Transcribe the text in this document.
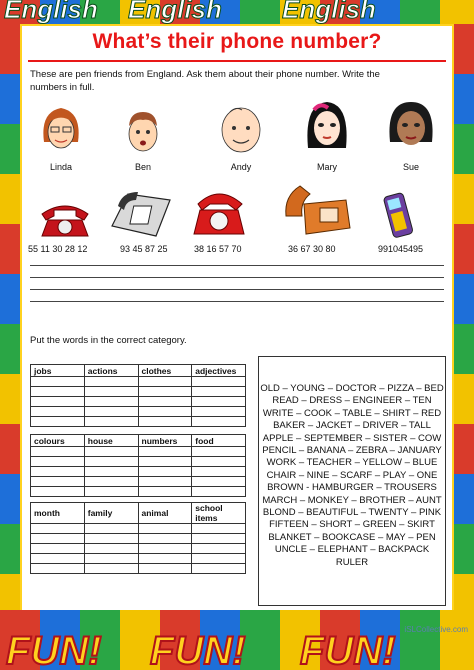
English English English
FUN! FUN! FUN!
What’s their phone number?
These are pen friends from England. Ask them about their phone number. Write the
numbers in full.
Linda	Ben	Andy	Mary	Sue
55 11 30 28 12	93 45 87 25	38 16 57 70	36 67 30 80	991045495
Put the words in the correct category.
jobs	actions	clothes	adjectives

colours	house	numbers	food

month	family	animal	school items

OLD – YOUNG – DOCTOR – PIZZA – BED
READ – DRESS – ENGINEER – TEN
WRITE – COOK – TABLE – SHIRT – RED
BAKER – JACKET – DRIVER – TALL
APPLE – SEPTEMBER – SISTER – COW
PENCIL – BANANA – ZEBRA – JANUARY
WORK – TEACHER – YELLOW – BLUE
CHAIR – NINE – SCARF – PLAY – ONE
BROWN - HAMBURGER – TROUSERS
MARCH – MONKEY – BROTHER – AUNT
BLOND – BEAUTIFUL – TWENTY – PINK
FIFTEEN – SHORT – GREEN – SKIRT
BLANKET – BOOKCASE – MAY – PEN
UNCLE – ELEPHANT – BACKPACK
RULER
iSLCollective.com
